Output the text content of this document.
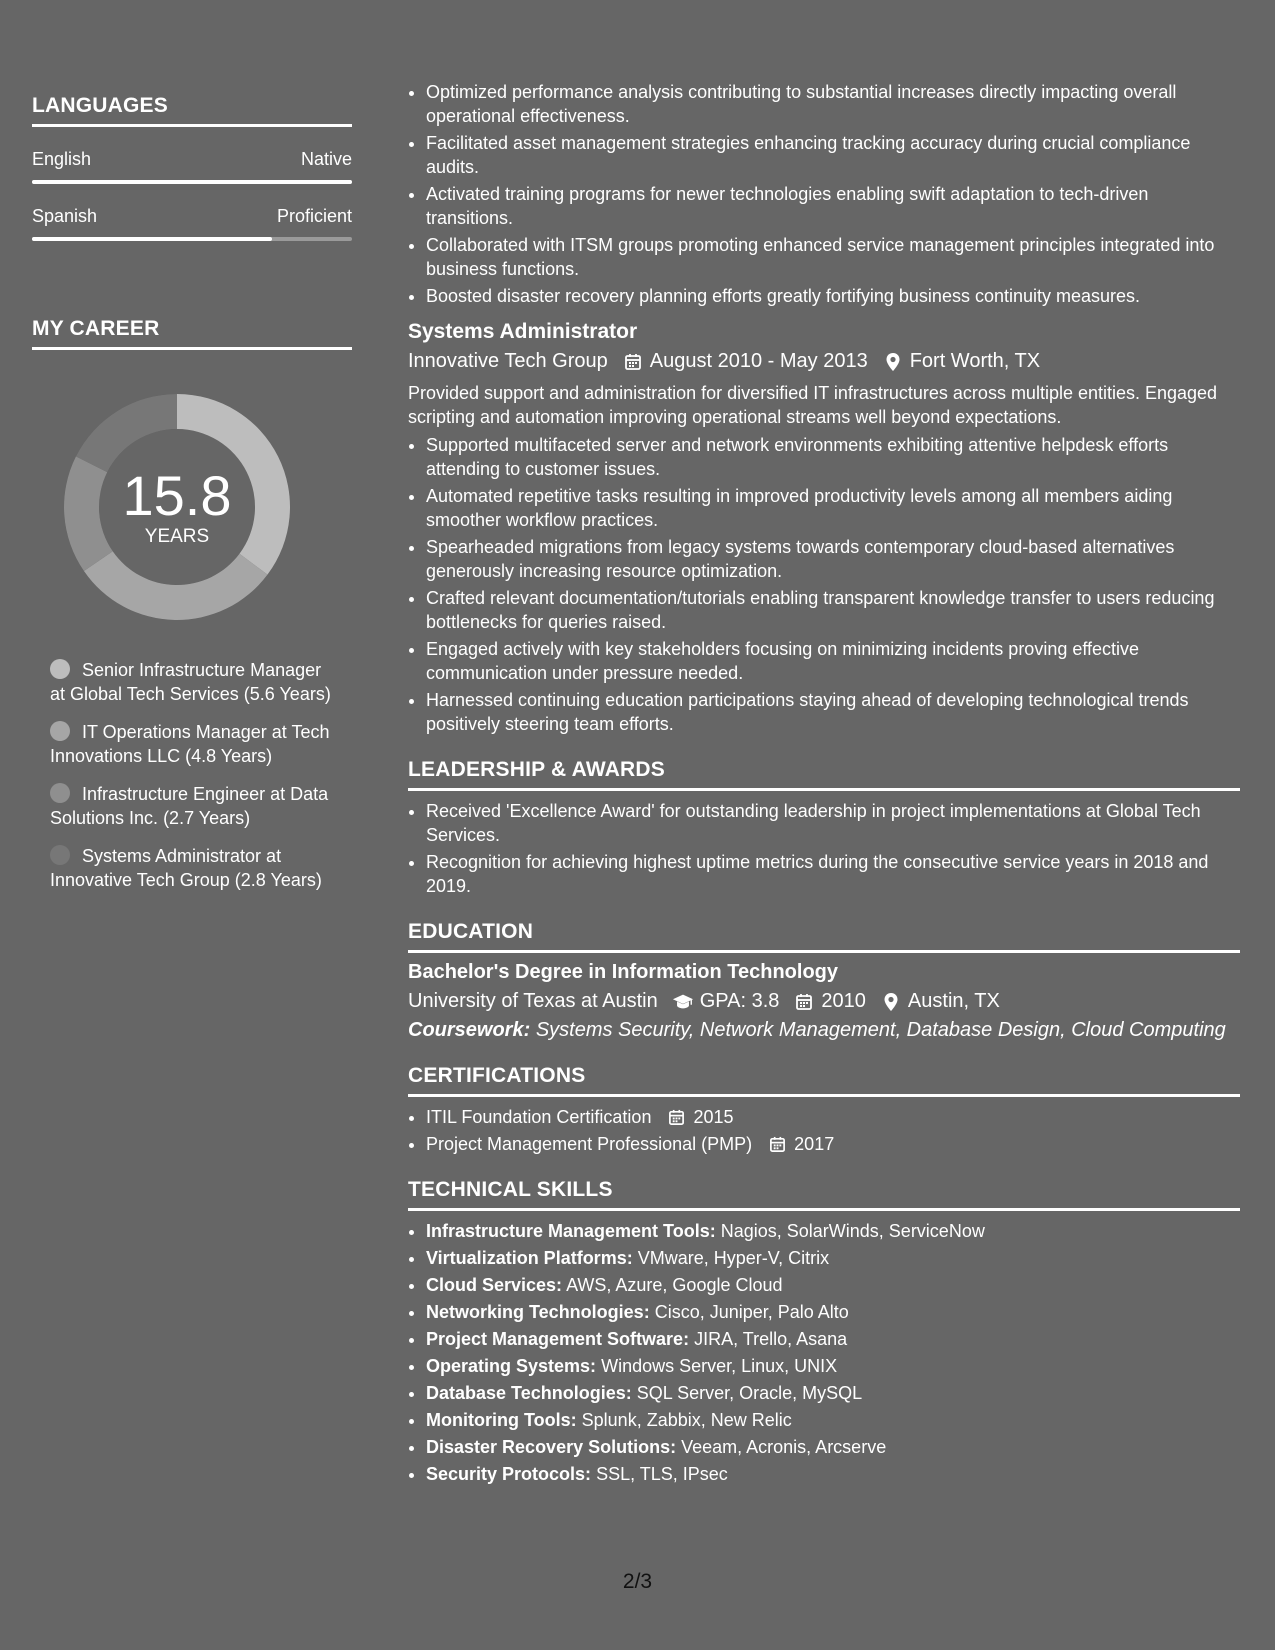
LANGUAGES
English	Native
Spanish	Proficient
MY CAREER
15.8
YEARS
Senior Infrastructure Manager at Global Tech Services (5.6 Years)
IT Operations Manager at Tech Innovations LLC (4.8 Years)
Infrastructure Engineer at Data Solutions Inc. (2.7 Years)
Systems Administrator at Innovative Tech Group (2.8 Years)
• Optimized performance analysis contributing to substantial increases directly impacting overall operational effectiveness.
• Facilitated asset management strategies enhancing tracking accuracy during crucial compliance audits.
• Activated training programs for newer technologies enabling swift adaptation to tech-driven transitions.
• Collaborated with ITSM groups promoting enhanced service management principles integrated into business functions.
• Boosted disaster recovery planning efforts greatly fortifying business continuity measures.
Systems Administrator
Innovative Tech Group August 2010 - May 2013 Fort Worth, TX
Provided support and administration for diversified IT infrastructures across multiple entities. Engaged scripting and automation improving operational streams well beyond expectations.
• Supported multifaceted server and network environments exhibiting attentive helpdesk efforts attending to customer issues.
• Automated repetitive tasks resulting in improved productivity levels among all members aiding smoother workflow practices.
• Spearheaded migrations from legacy systems towards contemporary cloud-based alternatives generously increasing resource optimization.
• Crafted relevant documentation/tutorials enabling transparent knowledge transfer to users reducing bottlenecks for queries raised.
• Engaged actively with key stakeholders focusing on minimizing incidents proving effective communication under pressure needed.
• Harnessed continuing education participations staying ahead of developing technological trends positively steering team efforts.
LEADERSHIP & AWARDS
• Received 'Excellence Award' for outstanding leadership in project implementations at Global Tech Services.
• Recognition for achieving highest uptime metrics during the consecutive service years in 2018 and 2019.
EDUCATION
Bachelor's Degree in Information Technology
University of Texas at Austin GPA: 3.8 2010 Austin, TX
Coursework: Systems Security, Network Management, Database Design, Cloud Computing
CERTIFICATIONS
• ITIL Foundation Certification 2015
• Project Management Professional (PMP) 2017
TECHNICAL SKILLS
• Infrastructure Management Tools: Nagios, SolarWinds, ServiceNow
• Virtualization Platforms: VMware, Hyper-V, Citrix
• Cloud Services: AWS, Azure, Google Cloud
• Networking Technologies: Cisco, Juniper, Palo Alto
• Project Management Software: JIRA, Trello, Asana
• Operating Systems: Windows Server, Linux, UNIX
• Database Technologies: SQL Server, Oracle, MySQL
• Monitoring Tools: Splunk, Zabbix, New Relic
• Disaster Recovery Solutions: Veeam, Acronis, Arcserve
• Security Protocols: SSL, TLS, IPsec
2/3
